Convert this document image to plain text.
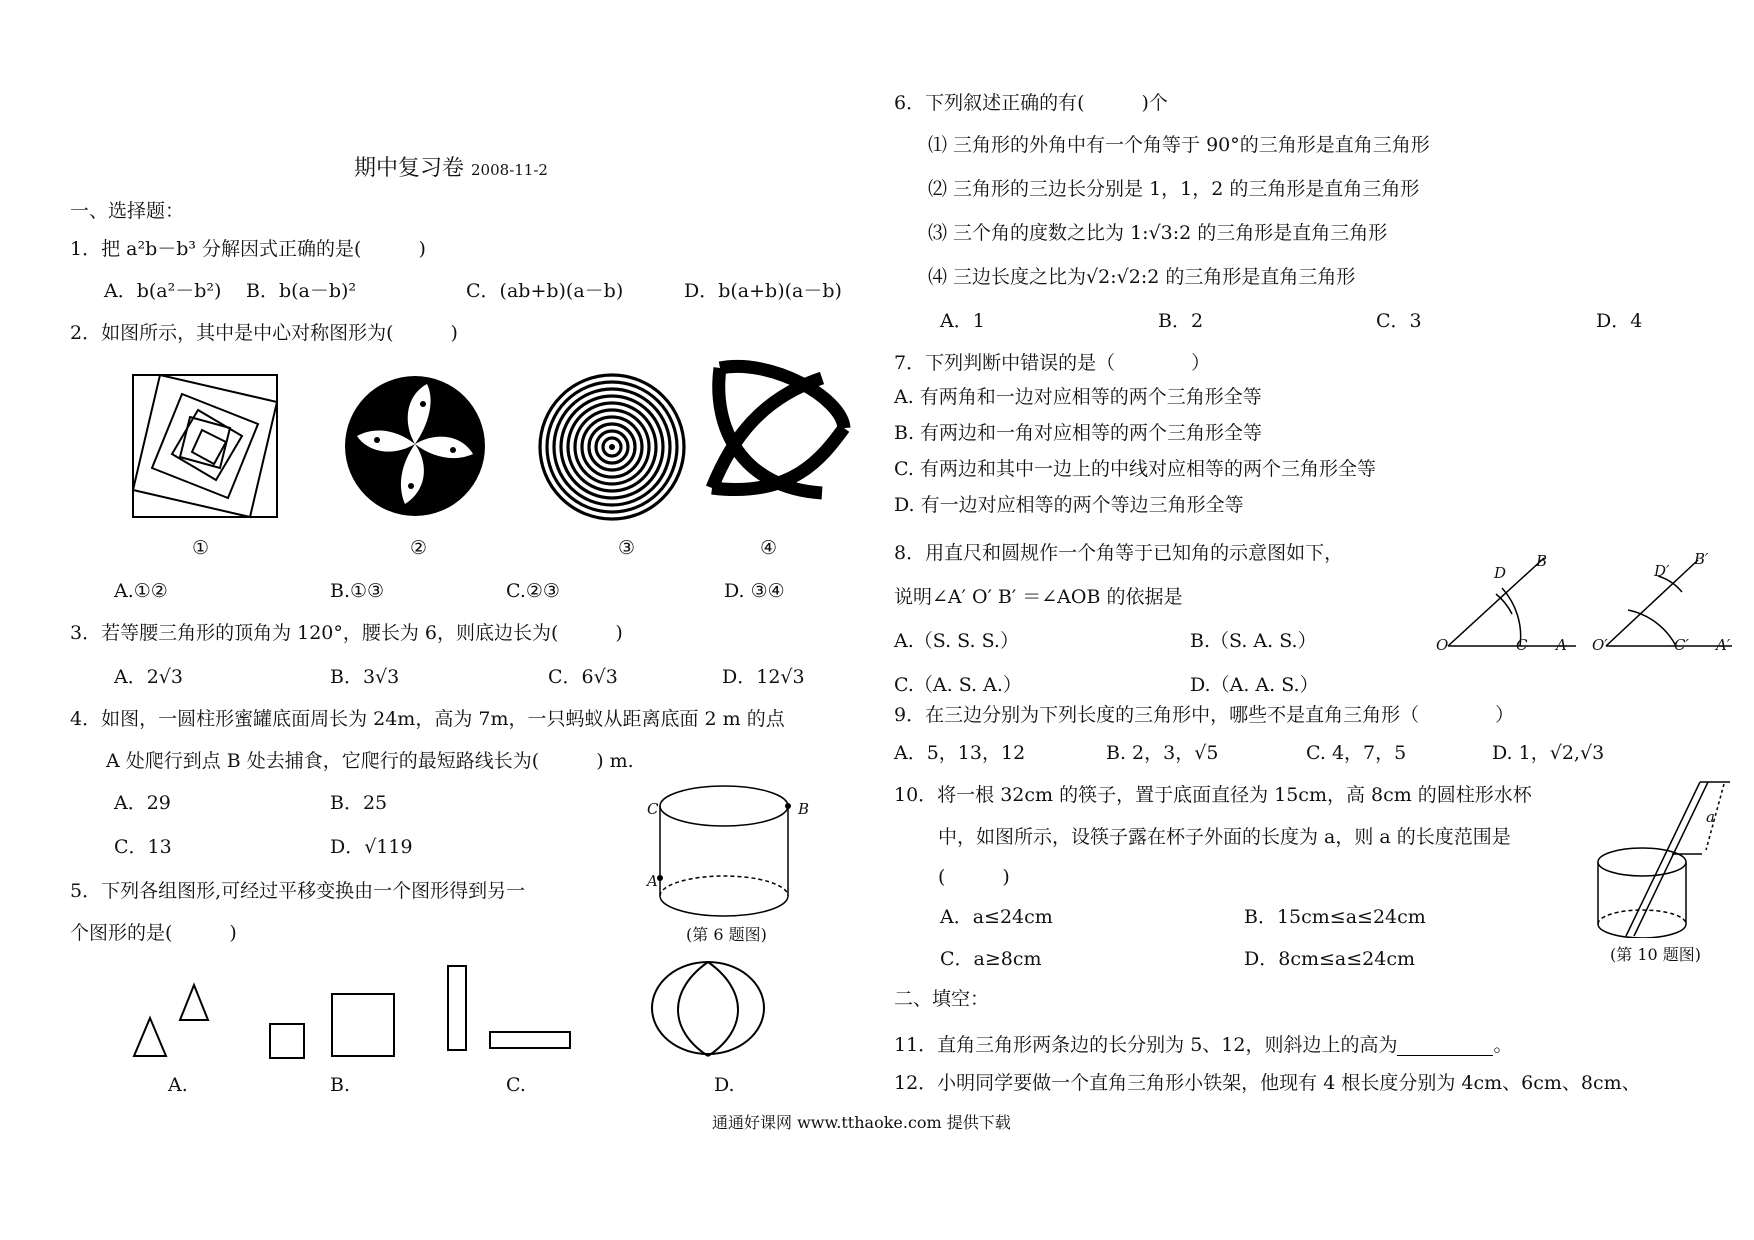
期中复习卷 2008-11-2
一、选择题：
1．把 a²b－b³ 分解因式正确的是(　　　)
A．b(a²－b²) B．b(a－b)²	C．(ab+b)(a－b)	D．b(a+b)(a－b)
2．如图所示，其中是中心对称图形为(　　　)
①	②	③	④
A.①②	B.①③	C.②③	D. ③④
3．若等腰三角形的顶角为 120°，腰长为 6，则底边长为(　　　)
A．2√3	B．3√3	C．6√3	D．12√3
4．如图，一圆柱形蜜罐底面周长为 24m，高为 7m，一只蚂蚁从距离底面 2 m 的点
A 处爬行到点 B 处去捕食，它爬行的最短路线长为(　　　) m.
A．29	B．25
C．13	D．√119
C	B
A
(第 6 题图)
5．下列各组图形,可经过平移变换由一个图形得到另一
个图形的是(　　　)
A.	B.	C.	D.
6．下列叙述正确的有(　　　)个
⑴ 三角形的外角中有一个角等于 90°的三角形是直角三角形
⑵ 三角形的三边长分别是 1，1，2 的三角形是直角三角形
⑶ 三个角的度数之比为 1:√3:2 的三角形是直角三角形
⑷ 三边长度之比为√2:√2:2 的三角形是直角三角形
A．1	B．2	C．3	D．4
7．下列判断中错误的是（　　　　）
A. 有两角和一边对应相等的两个三角形全等
B. 有两边和一角对应相等的两个三角形全等
C. 有两边和其中一边上的中线对应相等的两个三角形全等
D. 有一边对应相等的两个等边三角形全等
8．用直尺和圆规作一个角等于已知角的示意图如下，
说明∠A′ O′ B′ ＝∠AOB 的依据是
A.（S. S. S.）	B.（S. A. S.）
C.（A. S. A.）	D.（A. A. S.）
D
B
O	C A
D′
B′
O′	C′ A′
9．在三边分别为下列长度的三角形中，哪些不是直角三角形（　　　　）
A．5，13，12	B. 2，3，√5	C. 4，7，5	D. 1，√2,√3
10．将一根 32cm 的筷子，置于底面直径为 15cm，高 8cm 的圆柱形水杯
中，如图所示，设筷子露在杯子外面的长度为 a，则 a 的长度范围是
(　　　)
A．a≤24cm	B．15cm≤a≤24cm
C．a≥8cm	D．8cm≤a≤24cm
a
(第 10 题图)
二、填空：
11．直角三角形两条边的长分别为 5、12，则斜边上的高为	。
12．小明同学要做一个直角三角形小铁架，他现有 4 根长度分别为 4cm、6cm、8cm、
通通好课网 www.tthaoke.com 提供下载
